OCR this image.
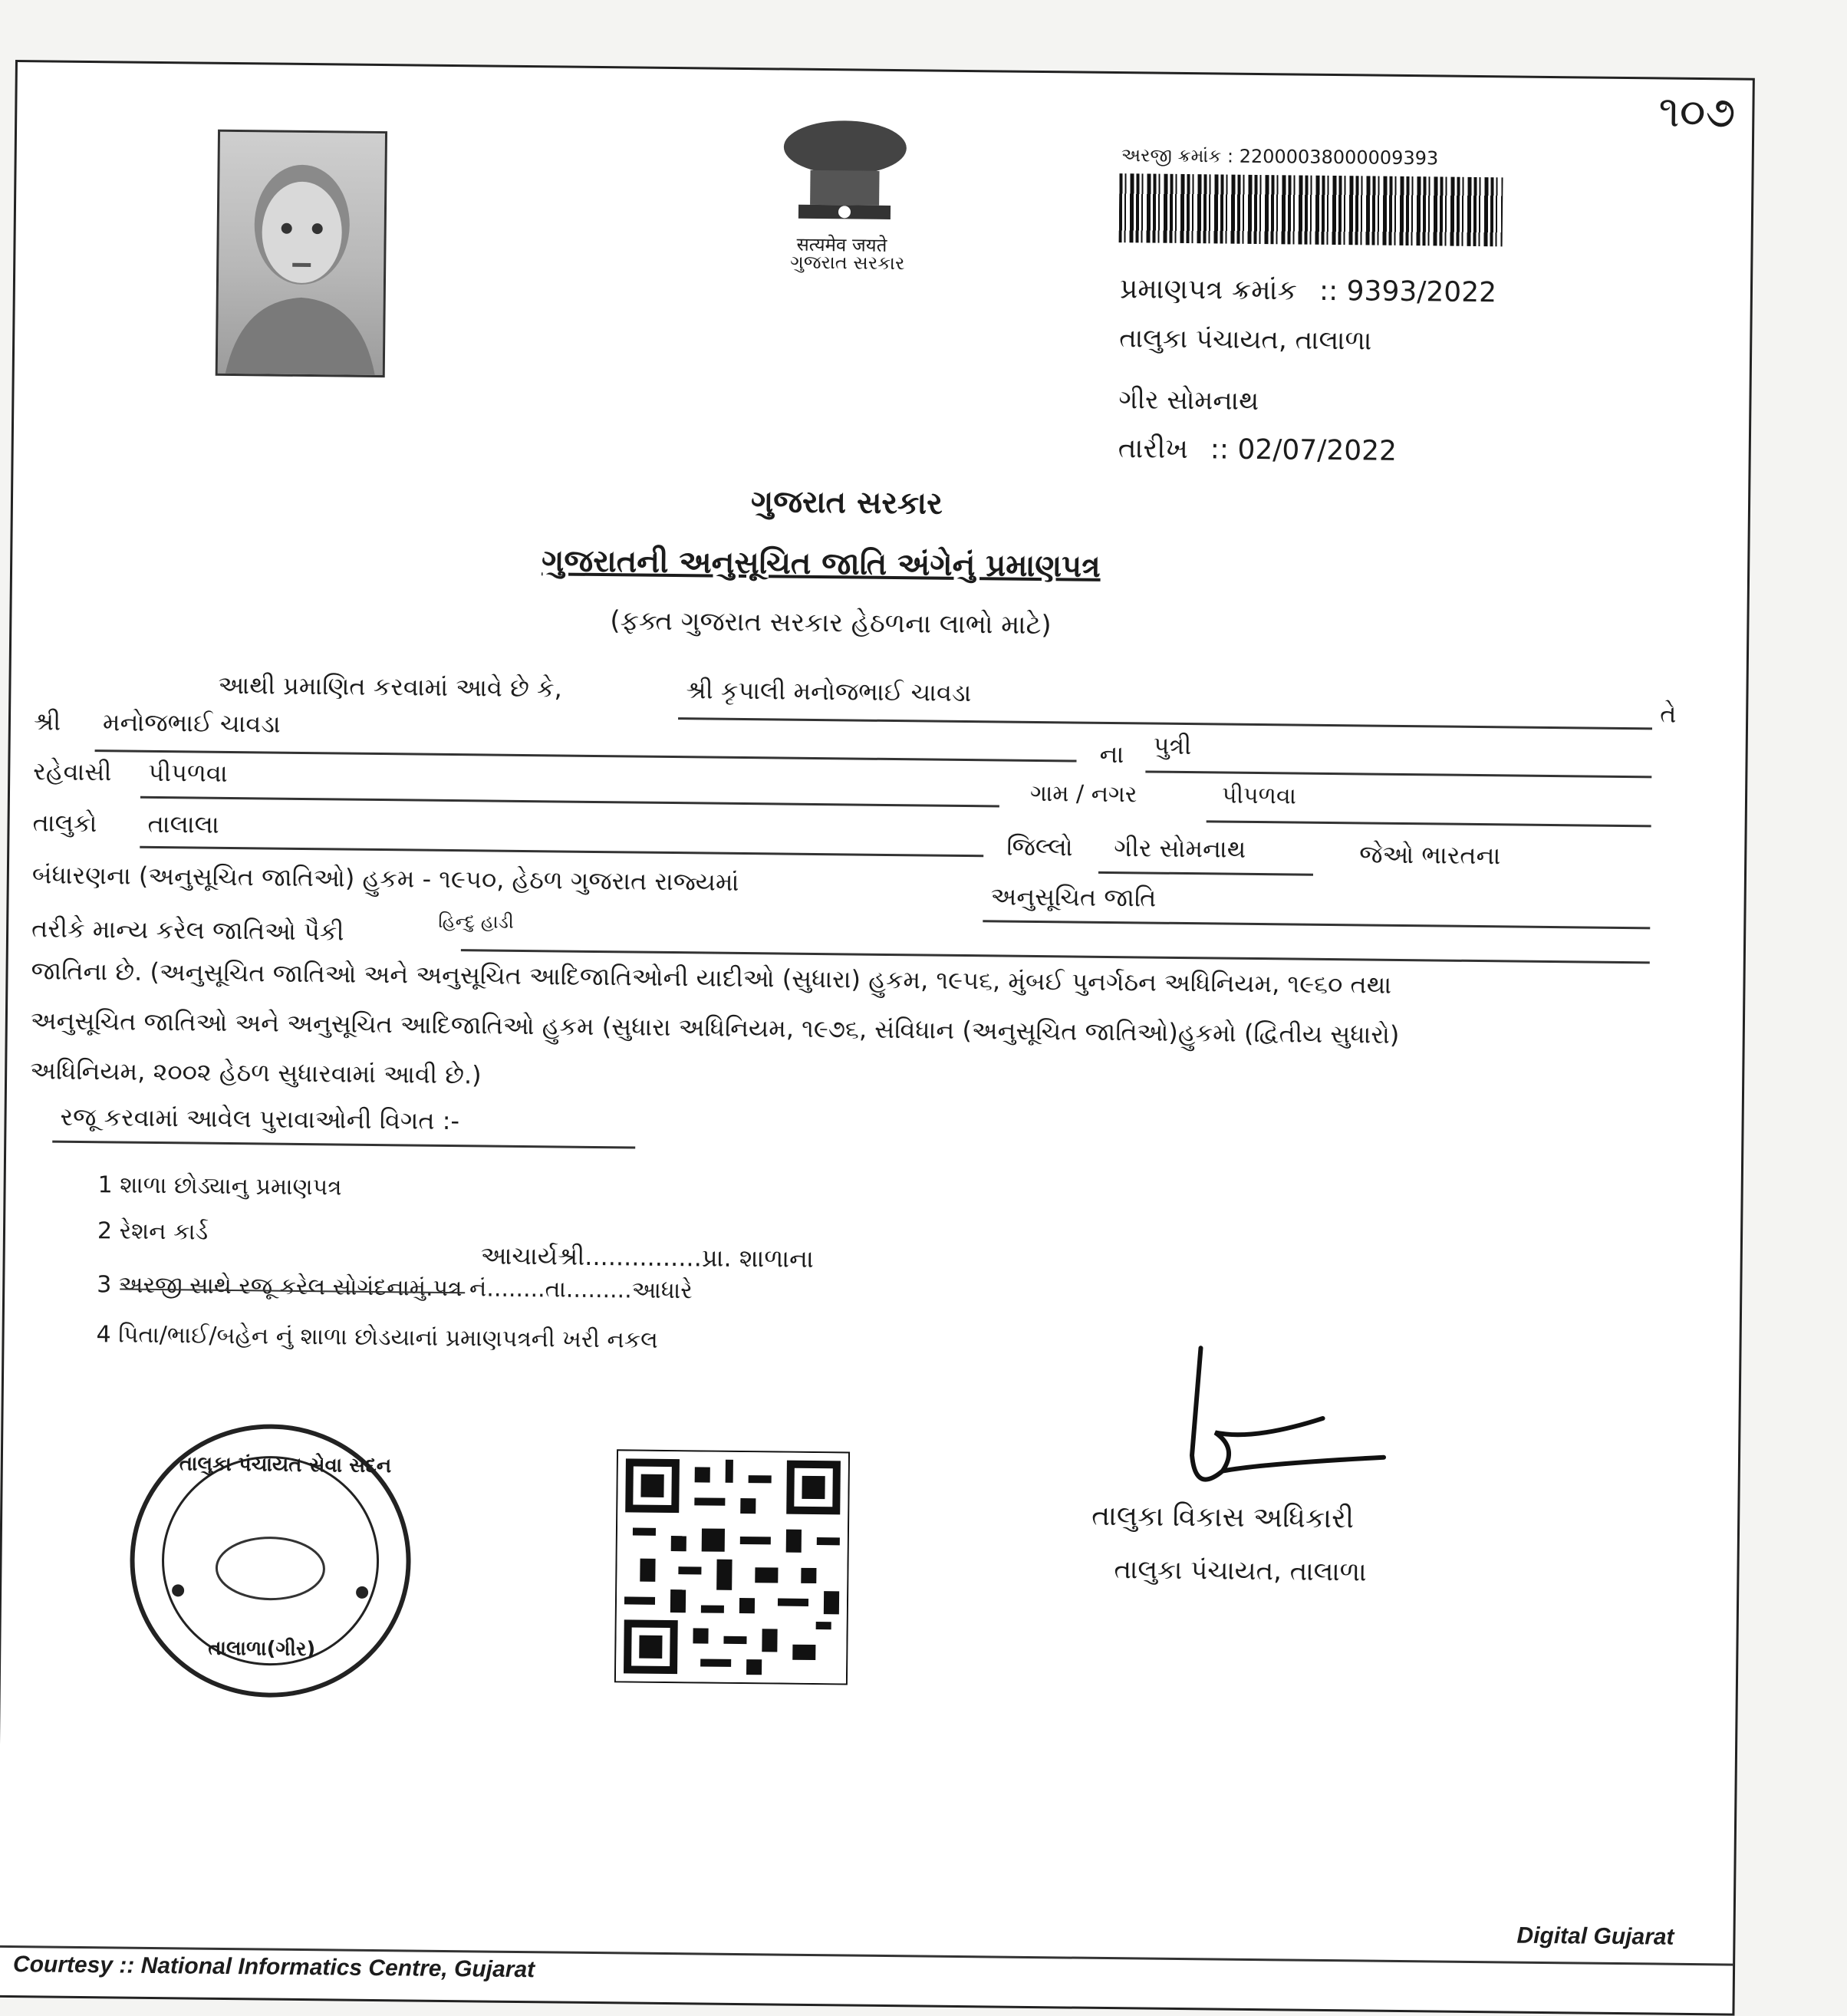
૧૦૭
सत्यमेव जयते
ગુજરાત સરકાર
અરજી ક્રમાંક : 22000038000009393
પ્રમાણપત્ર ક્રમાંક :: 9393/2022
તાલુકા પંચાયત, તાલાળા
ગીર સોમનાથ
તારીખ :: 02/07/2022
ગુજરાત સરકાર
ગુજરાતની અનુસૂચિત જાતિ અંગેનું પ્રમાણપત્ર
(ફક્ત ગુજરાત સરકાર હેઠળના લાભો માટે)
આથી પ્રમાણિત કરવામાં આવે છે કે,	શ્રી કૃપાલી મનોજભાઈ ચાવડા
તે
શ્રી મનોજભાઈ ચાવડા
ના પુત્રી
રહેવાસી પીપળવા
ગામ / નગર	પીપળવા
તાલુકો તાલાલા
જિલ્લો ગીર સોમનાથ	જેઓ ભારતના
બંધારણના (અનુસૂચિત જાતિઓ) હુકમ - ૧૯૫૦, હેઠળ ગુજરાત રાજ્યમાં
અનુસૂચિત જાતિ
તરીકે માન્ય કરેલ જાતિઓ પૈકી	હિન્દુ હાડી
જાતિના છે. (અનુસૂચિત જાતિઓ અને અનુસૂચિત આદિજાતિઓની યાદીઓ (સુધારા) હુકમ, ૧૯૫૬, મુંબઈ પુનર્ગઠન અધિનિયમ, ૧૯૬૦ તથા
અનુસૂચિત જાતિઓ અને અનુસૂચિત આદિજાતિઓ હુકમ (સુધારા અધિનિયમ, ૧૯૭૬, સંવિધાન (અનુસૂચિત જાતિઓ)હુકમો (દ્વિતીય સુધારો)
અધિનિયમ, ૨૦૦૨ હેઠળ સુધારવામાં આવી છે.)
રજૂ કરવામાં આવેલ પુરાવાઓની વિગત :-
1 શાળા છોડ્યાનુ પ્રમાણપત્ર
2 રેશન કાર્ડ
આચાર્યશ્રી...............પ્રા. શાળાના
3 અરજી સાથે રજૂ કરેલ સોગંદનામું.પત્ર નં........તા.........આધારે
4 પિતા/ભાઈ/બહેન નું શાળા છોડયાનાં પ્રમાણપત્રની ખરી નકલ
તાલુકા પંચાયત સેવા સદન
તાલાળા(ગીર)
તાલુકા વિકાસ અધિકારી
તાલુકા પંચાયત, તાલાળા
Courtesy :: National Informatics Centre, Gujarat
Digital Gujarat
